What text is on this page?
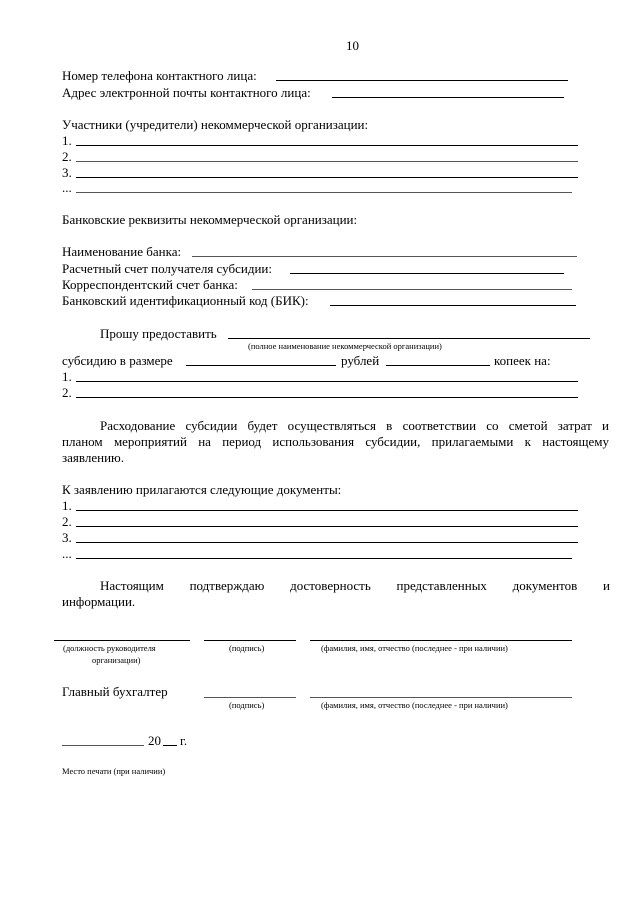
10
Номер телефона контактного лица:
Адрес электронной почты контактного лица:
Участники (учредители) некоммерческой организации:
1.
2.
3.
...
Банковские реквизиты некоммерческой организации:
Наименование банка:
Расчетный счет получателя субсидии:
Корреспондентский счет банка:
Банковский идентификационный код (БИК):
Прошу предоставить
(полное наименование некоммерческой организации)
субсидию в размере	рублей	копеек на:
1.
2.
Расходование субсидии будет осуществляться в соответствии со сметой затрат и
планом мероприятий на период использования субсидии, прилагаемыми к настоящему
заявлению.
К заявлению прилагаются следующие документы:
1.
2.
3.
...
Настоящим подтверждаю достоверность представленных документов и
информации.
(должность руководителя
организации)
(подпись)	(фамилия, имя, отчество (последнее - при наличии)
Главный бухгалтер
(подпись)	(фамилия, имя, отчество (последнее - при наличии)
20 г.
Место печати (при наличии)
